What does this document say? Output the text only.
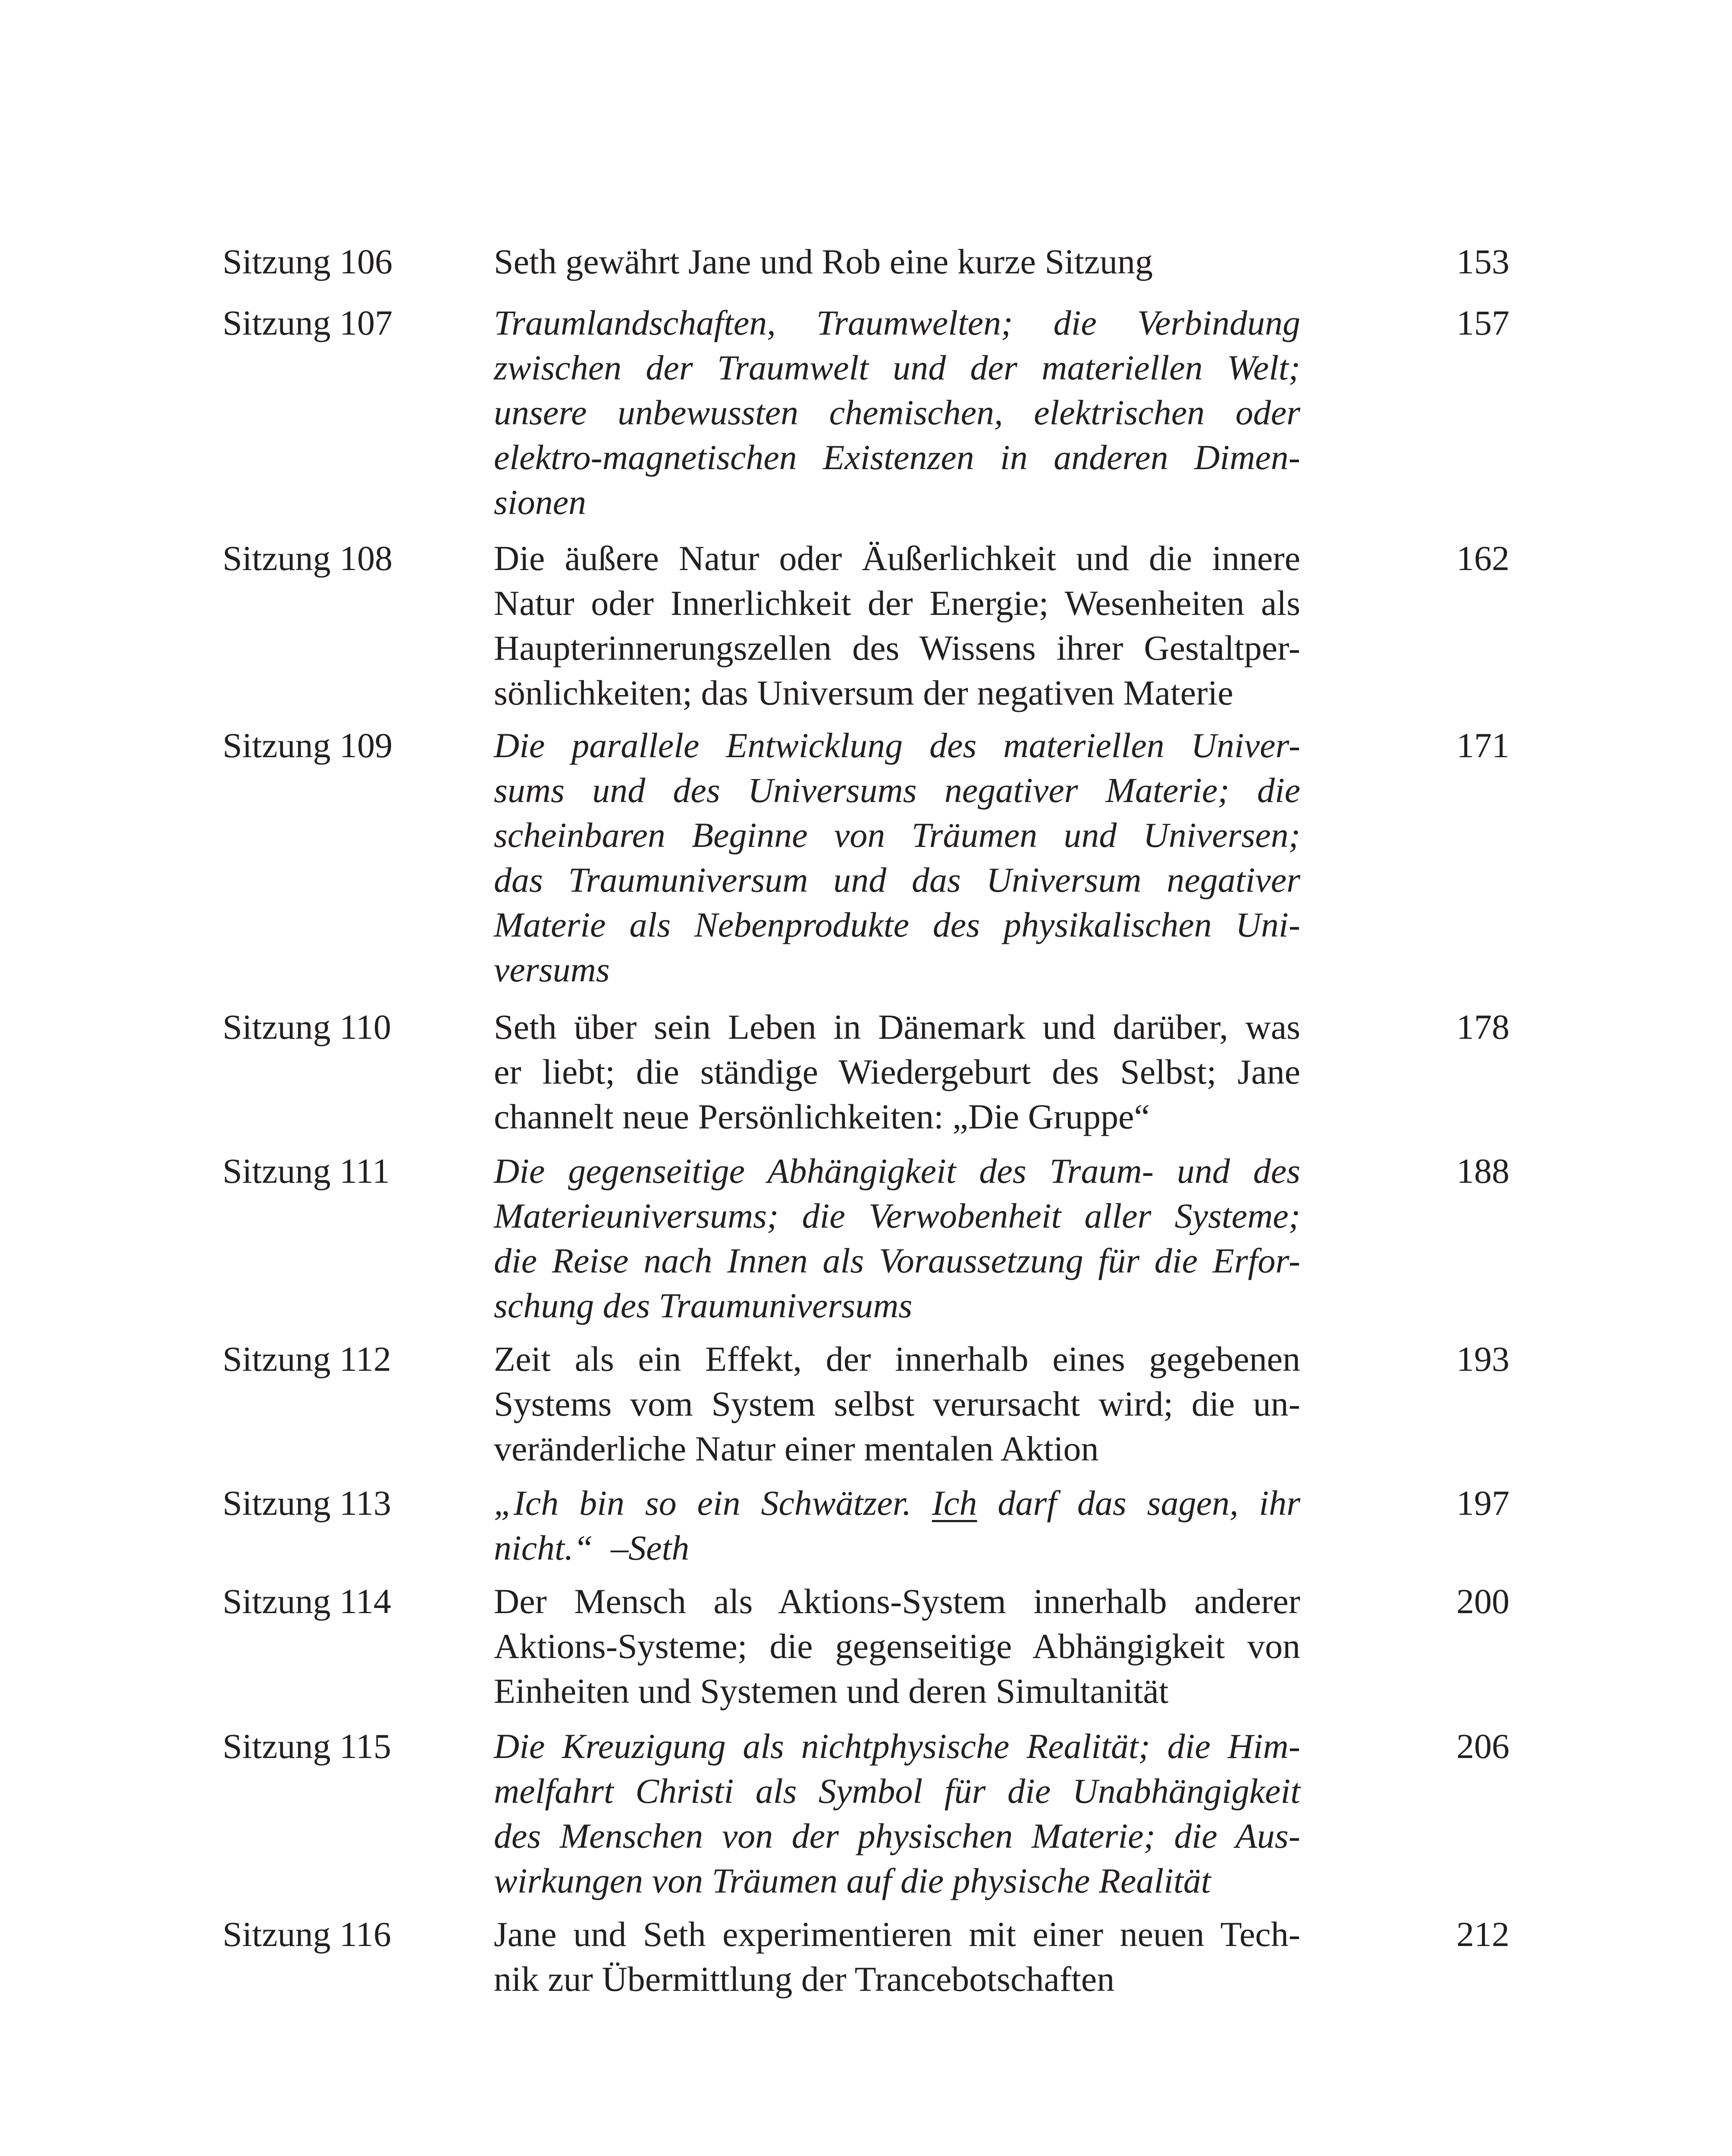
Sitzung 106	Seth gewährt Jane und Rob eine kurze Sitzung	153
Sitzung 107	Traumlandschaften, Traumwelten; die Verbindung
zwischen der Traumwelt und der materiellen Welt;
unsere unbewussten chemischen, elektrischen oder
elektro-magnetischen Existenzen in anderen Dimen-
sionen
157
Sitzung 108	Die äußere Natur oder Äußerlichkeit und die innere
Natur oder Innerlichkeit der Energie; Wesenheiten als
Haupterinnerungszellen des Wissens ihrer Gestaltper-
sönlichkeiten; das Universum der negativen Materie
162
Sitzung 109	Die parallele Entwicklung des materiellen Univer-
sums und des Universums negativer Materie; die
scheinbaren Beginne von Träumen und Universen;
das Traumuniversum und das Universum negativer
Materie als Nebenprodukte des physikalischen Uni-
versums
171
Sitzung 110	Seth über sein Leben in Dänemark und darüber, was
er liebt; die ständige Wiedergeburt des Selbst; Jane
channelt neue Persönlichkeiten: „Die Gruppe“
178
Sitzung 111	Die gegenseitige Abhängigkeit des Traum- und des
Materieuniversums; die Verwobenheit aller Systeme;
die Reise nach Innen als Voraussetzung für die Erfor-
schung des Traumuniversums
188
Sitzung 112	Zeit als ein Effekt, der innerhalb eines gegebenen
Systems vom System selbst verursacht wird; die un-
veränderliche Natur einer mentalen Aktion
193
Sitzung 113	„Ich bin so ein Schwätzer. Ich darf das sagen, ihr
nicht.“  –Seth
197
Sitzung 114	Der Mensch als Aktions-System innerhalb anderer
Aktions-Systeme; die gegenseitige Abhängigkeit von
Einheiten und Systemen und deren Simultanität
200
Sitzung 115	Die Kreuzigung als nichtphysische Realität; die Him-
melfahrt Christi als Symbol für die Unabhängigkeit
des Menschen von der physischen Materie; die Aus-
wirkungen von Träumen auf die physische Realität
206
Sitzung 116	Jane und Seth experimentieren mit einer neuen Tech-
nik zur Übermittlung der Trancebotschaften
212
